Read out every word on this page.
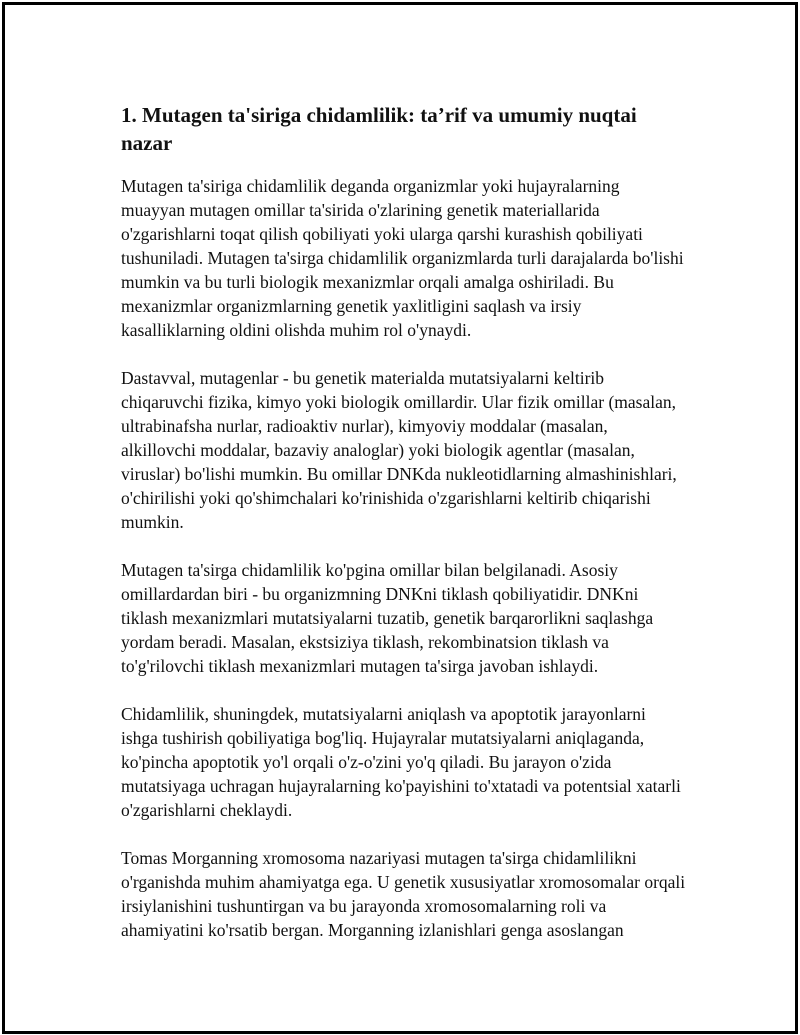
1. Mutagen ta'siriga chidamlilik: ta’rif va umumiy nuqtai nazar

Mutagen ta'siriga chidamlilik deganda organizmlar yoki hujayralarning muayyan mutagen omillar ta'sirida o'zlarining genetik materiallarida o'zgarishlarni toqat qilish qobiliyati yoki ularga qarshi kurashish qobiliyati tushuniladi. Mutagen ta'sirga chidamlilik organizmlarda turli darajalarda bo'lishi mumkin va bu turli biologik mexanizmlar orqali amalga oshiriladi. Bu mexanizmlar organizmlarning genetik yaxlitligini saqlash va irsiy kasalliklarning oldini olishda muhim rol o'ynaydi.

Dastavval, mutagenlar - bu genetik materialda mutatsiyalarni keltirib chiqaruvchi fizika, kimyo yoki biologik omillardir. Ular fizik omillar (masalan, ultrabinafsha nurlar, radioaktiv nurlar), kimyoviy moddalar (masalan, alkillovchi moddalar, bazaviy analoglar) yoki biologik agentlar (masalan, viruslar) bo'lishi mumkin. Bu omillar DNKda nukleotidlarning almashinishlari, o'chirilishi yoki qo'shimchalari ko'rinishida o'zgarishlarni keltirib chiqarishi mumkin.

Mutagen ta'sirga chidamlilik ko'pgina omillar bilan belgilanadi. Asosiy omillardardan biri - bu organizmning DNKni tiklash qobiliyatidir. DNKni tiklash mexanizmlari mutatsiyalarni tuzatib, genetik barqarorlikni saqlashga yordam beradi. Masalan, ekstsiziya tiklash, rekombinatsion tiklash va to'g'rilovchi tiklash mexanizmlari mutagen ta'sirga javoban ishlaydi.

Chidamlilik, shuningdek, mutatsiyalarni aniqlash va apoptotik jarayonlarni ishga tushirish qobiliyatiga bog'liq. Hujayralar mutatsiyalarni aniqlaganda, ko'pincha apoptotik yo'l orqali o'z-o'zini yo'q qiladi. Bu jarayon o'zida mutatsiyaga uchragan hujayralarning ko'payishini to'xtatadi va potentsial xatarli o'zgarishlarni cheklaydi.

Tomas Morganning xromosoma nazariyasi mutagen ta'sirga chidamlilikni o'rganishda muhim ahamiyatga ega. U genetik xususiyatlar xromosomalar orqali irsiylanishini tushuntirgan va bu jarayonda xromosomalarning roli va ahamiyatini ko'rsatib bergan. Morganning izlanishlari genga asoslangan
